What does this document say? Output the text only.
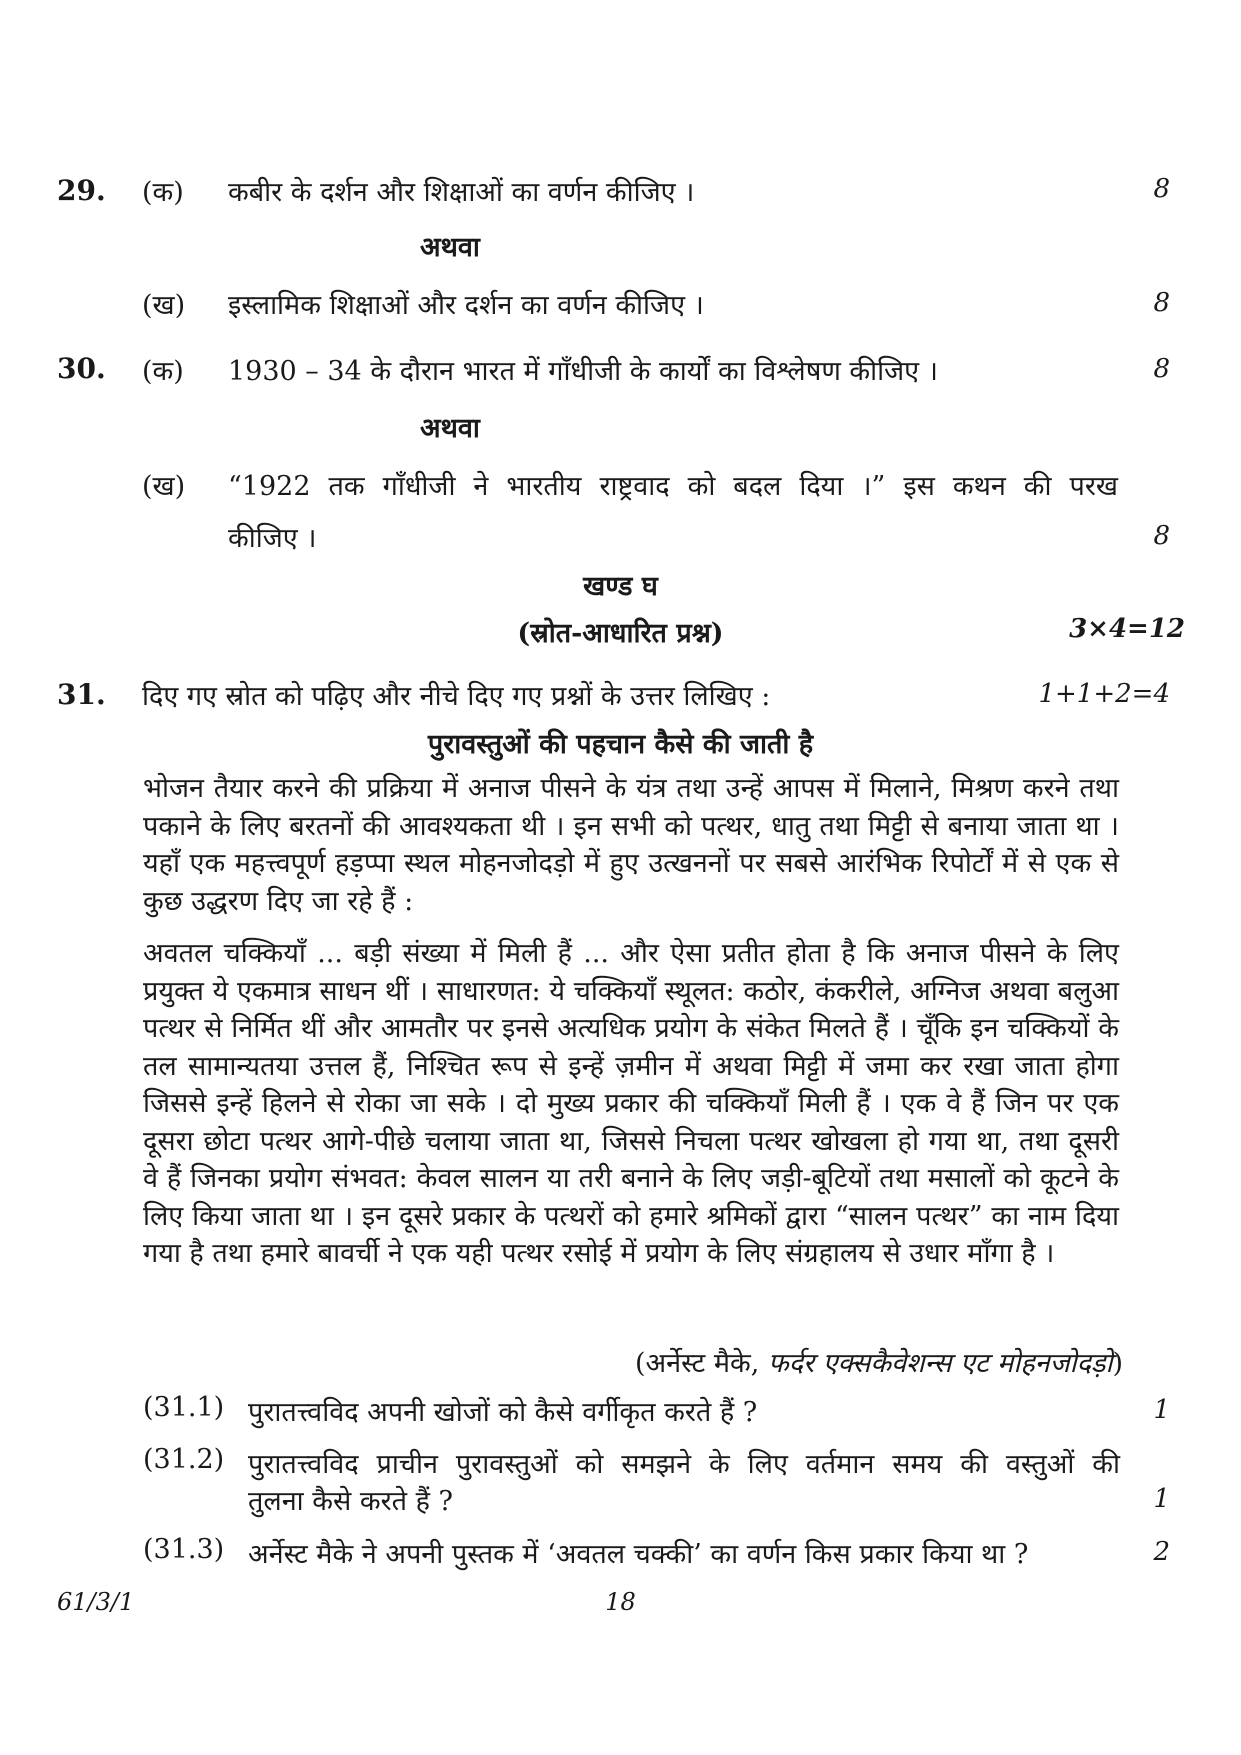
29. (क) कबीर के दर्शन और शिक्षाओं का वर्णन कीजिए ।	8
अथवा
(ख) इस्लामिक शिक्षाओं और दर्शन का वर्णन कीजिए ।	8
30. (क) 1930 – 34 के दौरान भारत में गाँधीजी के कार्यों का विश्लेषण कीजिए ।	8
अथवा
(ख) “1922 तक गाँधीजी ने भारतीय राष्ट्रवाद को बदल दिया ।” इस कथन की परख
कीजिए ।	8
खण्ड घ
(स्रोत-आधारित प्रश्न)	3×4=12
31. दिए गए स्रोत को पढ़िए और नीचे दिए गए प्रश्नों के उत्तर लिखिए :	1+1+2=4
पुरावस्तुओं की पहचान कैसे की जाती है

भोजन तैयार करने की प्रक्रिया में अनाज पीसने के यंत्र तथा उन्हें आपस में मिलाने, मिश्रण करने तथा पकाने के लिए बरतनों की आवश्यकता थी । इन सभी को पत्थर, धातु तथा मिट्टी से बनाया जाता था । यहाँ एक महत्त्वपूर्ण हड़प्पा स्थल मोहनजोदड़ो में हुए उत्खननों पर सबसे आरंभिक रिपोर्टों में से एक से कुछ उद्धरण दिए जा रहे हैं :

अवतल चक्कियाँ ... बड़ी संख्या में मिली हैं ... और ऐसा प्रतीत होता है कि अनाज पीसने के लिए प्रयुक्त ये एकमात्र साधन थीं । साधारणत: ये चक्कियाँ स्थूलत: कठोर, कंकरीले, अग्निज अथवा बलुआ पत्थर से निर्मित थीं और आमतौर पर इनसे अत्यधिक प्रयोग के संकेत मिलते हैं । चूँकि इन चक्कियों के तल सामान्यतया उत्तल हैं, निश्चित रूप से इन्हें ज़मीन में अथवा मिट्टी में जमा कर रखा जाता होगा जिससे इन्हें हिलने से रोका जा सके । दो मुख्य प्रकार की चक्कियाँ मिली हैं । एक वे हैं जिन पर एक दूसरा छोटा पत्थर आगे-पीछे चलाया जाता था, जिससे निचला पत्थर खोखला हो गया था, तथा दूसरी वे हैं जिनका प्रयोग संभवत: केवल सालन या तरी बनाने के लिए जड़ी-बूटियों तथा मसालों को कूटने के लिए किया जाता था । इन दूसरे प्रकार के पत्थरों को हमारे श्रमिकों द्वारा “सालन पत्थर” का नाम दिया गया है तथा हमारे बावर्ची ने एक यही पत्थर रसोई में प्रयोग के लिए संग्रहालय से उधार माँगा है ।

(अर्नेस्ट मैके, फर्दर एक्सकैवेशन्स एट मोहनजोदड़ो)
(31.1) पुरातत्त्वविद अपनी खोजों को कैसे वर्गीकृत करते हैं ?	1
(31.2) पुरातत्त्वविद प्राचीन पुरावस्तुओं को समझने के लिए वर्तमान समय की वस्तुओं की
तुलना कैसे करते हैं ?	1
(31.3) अर्नेस्ट मैके ने अपनी पुस्तक में ‘अवतल चक्की’ का वर्णन किस प्रकार किया था ?	2
61/3/1	18
